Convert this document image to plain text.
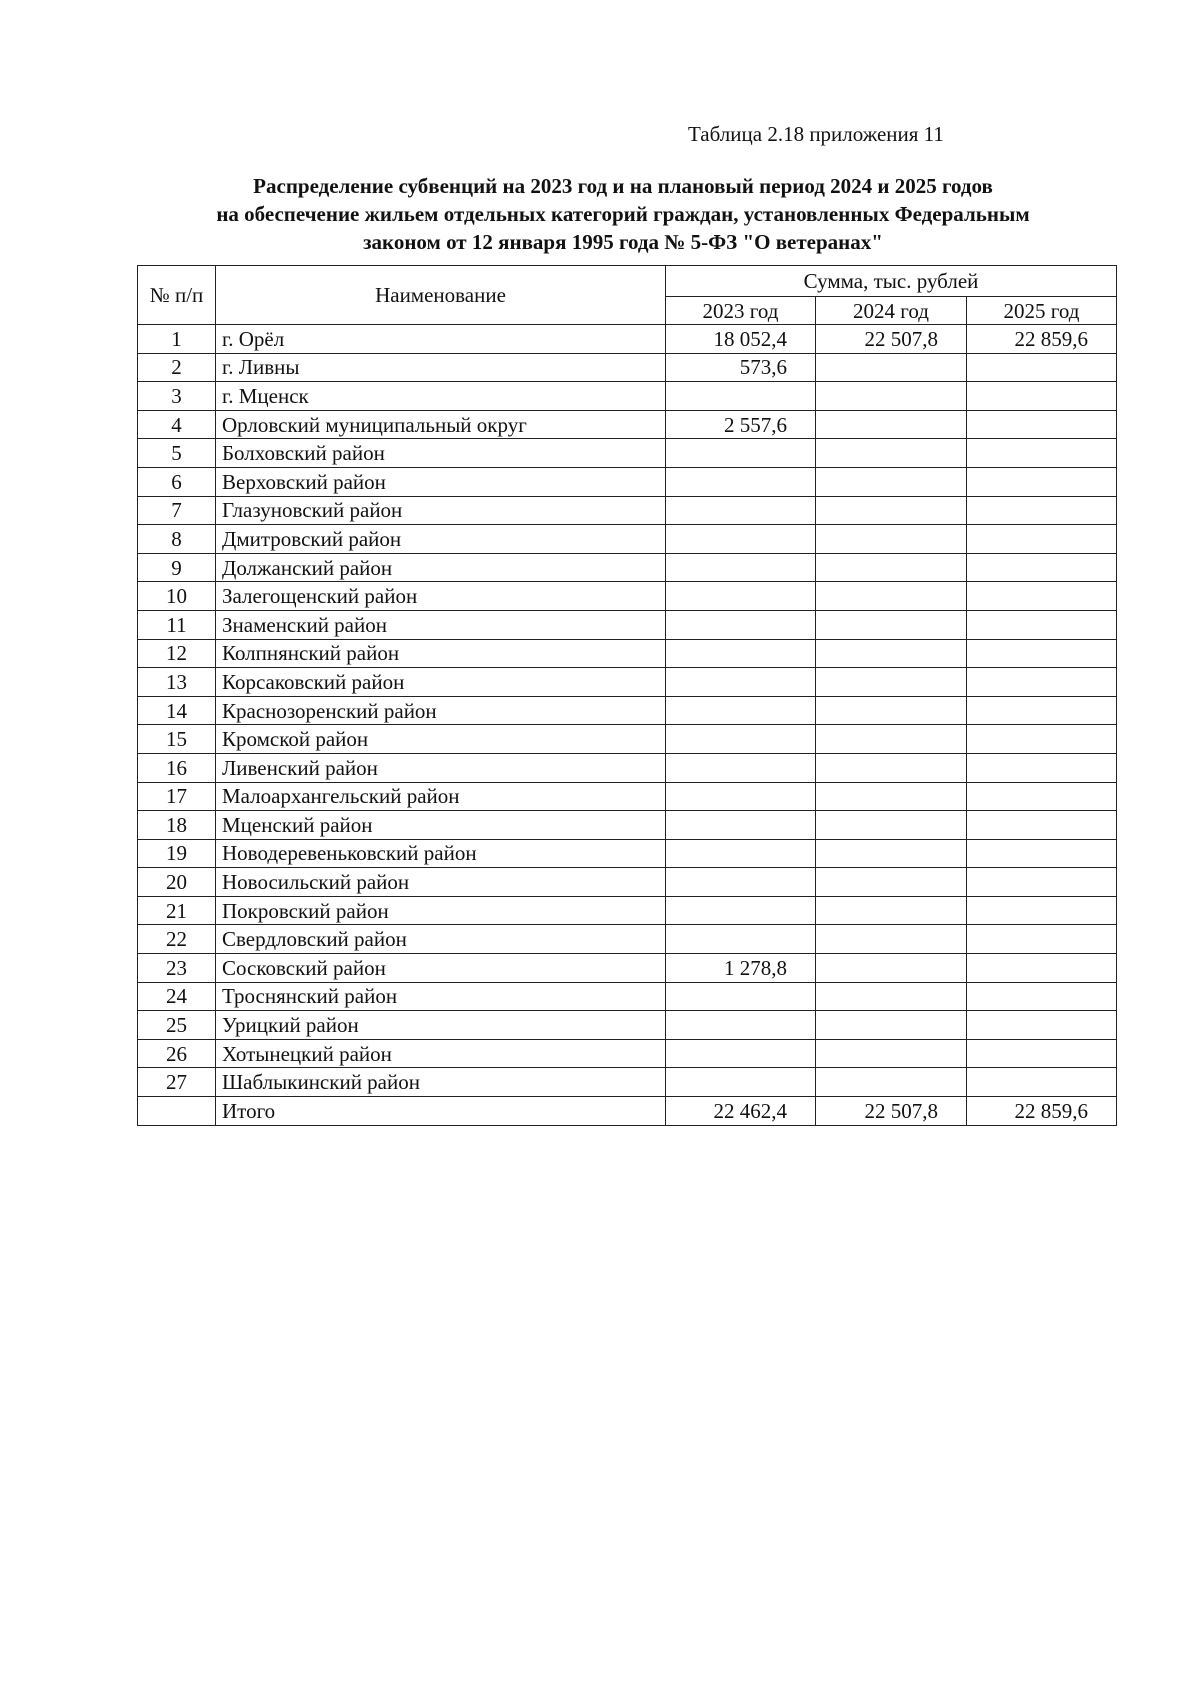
Таблица 2.18 приложения 11
Распределение субвенций на 2023 год и на плановый период 2024 и 2025 годов
на обеспечение жильем отдельных категорий граждан, установленных Федеральным
законом от 12 января 1995 года № 5-ФЗ "О ветеранах"
№ п/п	Наименование	Сумма, тыс. рублей		
		2023 год	2024 год	2025 год
1	г. Орёл	18 052,4	22 507,8	22 859,6
2	г. Ливны	573,6		
3	г. Мценск			
4	Орловский муниципальный округ	2 557,6		
5	Болховский район			
6	Верховский район			
7	Глазуновский район			
8	Дмитровский район			
9	Должанский район			
10	Залегощенский район			
11	Знаменский район			
12	Колпнянский район			
13	Корсаковский район			
14	Краснозоренский район			
15	Кромской район			
16	Ливенский район			
17	Малоархангельский район			
18	Мценский район			
19	Новодеревеньковский район			
20	Новосильский район			
21	Покровский район			
22	Свердловский район			
23	Сосковский район	1 278,8		
24	Троснянский район			
25	Урицкий район			
26	Хотынецкий район			
27	Шаблыкинский район			
	Итого	22 462,4	22 507,8	22 859,6
